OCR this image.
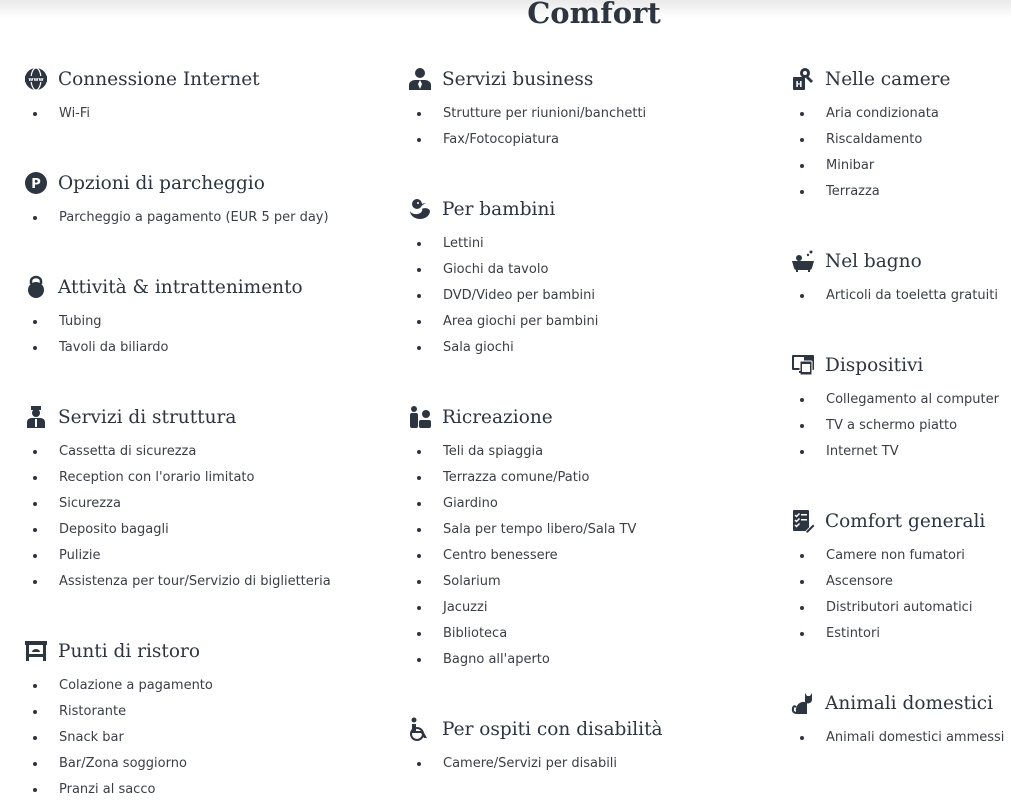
Comfort
www Connessione Internet
Wi-Fi
P Opzioni di parcheggio
Parcheggio a pagamento (EUR 5 per day)
Attività & intrattenimento
Tubing
Tavoli da biliardo
Servizi di struttura
Cassetta di sicurezza
Reception con l'orario limitato
Sicurezza
Deposito bagagli
Pulizie
Assistenza per tour/Servizio di biglietteria
Punti di ristoro
Colazione a pagamento
Ristorante
Snack bar
Bar/Zona soggiorno
Pranzi al sacco
Servizi business
Strutture per riunioni/banchetti
Fax/Fotocopiatura
Per bambini
Lettini
Giochi da tavolo
DVD/Video per bambini
Area giochi per bambini
Sala giochi
Ricreazione
Teli da spiaggia
Terrazza comune/Patio
Giardino
Sala per tempo libero/Sala TV
Centro benessere
Solarium
Jacuzzi
Biblioteca
Bagno all'aperto
Per ospiti con disabilità
Camere/Servizi per disabili
H Nelle camere
Aria condizionata
Riscaldamento
Minibar
Terrazza
Nel bagno
Articoli da toeletta gratuiti
Dispositivi
Collegamento al computer
TV a schermo piatto
Internet TV
Comfort generali
Camere non fumatori
Ascensore
Distributori automatici
Estintori
Animali domestici
Animali domestici ammessi
